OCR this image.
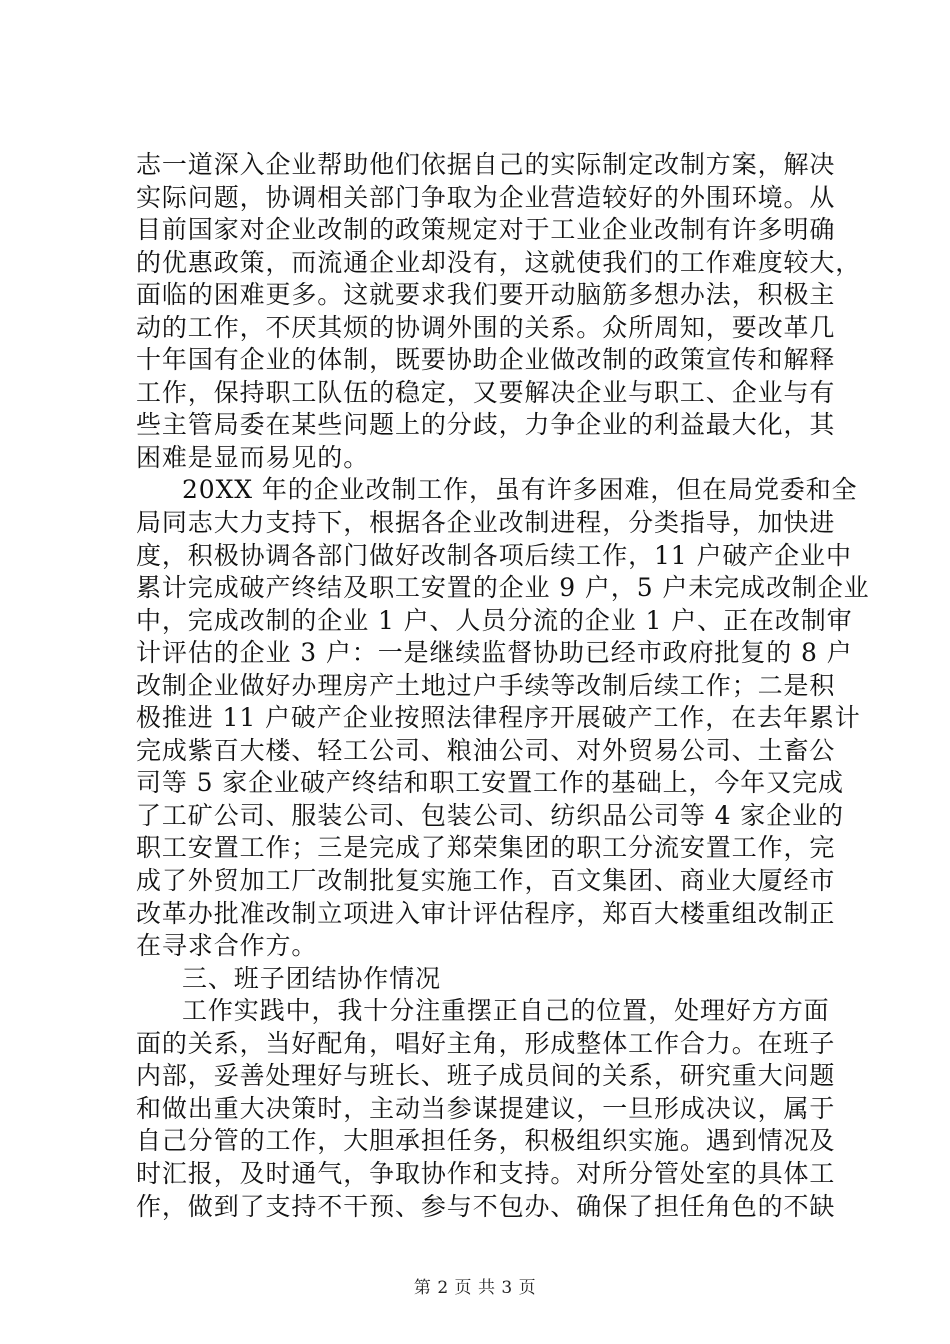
志一道深入企业帮助他们依据自己的实际制定改制方案，解决
实际问题，协调相关部门争取为企业营造较好的外围环境。从
目前国家对企业改制的政策规定对于工业企业改制有许多明确
的优惠政策，而流通企业却没有，这就使我们的工作难度较大，
面临的困难更多。这就要求我们要开动脑筋多想办法，积极主
动的工作，不厌其烦的协调外围的关系。众所周知，要改革几
十年国有企业的体制，既要协助企业做改制的政策宣传和解释
工作，保持职工队伍的稳定，又要解决企业与职工、企业与有
些主管局委在某些问题上的分歧，力争企业的利益最大化，其
困难是显而易见的。
20XX 年的企业改制工作，虽有许多困难，但在局党委和全
局同志大力支持下，根据各企业改制进程，分类指导，加快进
度，积极协调各部门做好改制各项后续工作，11 户破产企业中
累计完成破产终结及职工安置的企业 9 户，5 户未完成改制企业
中，完成改制的企业 1 户、人员分流的企业 1 户、正在改制审
计评估的企业 3 户：一是继续监督协助已经市政府批复的 8 户
改制企业做好办理房产土地过户手续等改制后续工作；二是积
极推进 11 户破产企业按照法律程序开展破产工作，在去年累计
完成紫百大楼、轻工公司、粮油公司、对外贸易公司、土畜公
司等 5 家企业破产终结和职工安置工作的基础上，今年又完成
了工矿公司、服装公司、包装公司、纺织品公司等 4 家企业的
职工安置工作；三是完成了郑荣集团的职工分流安置工作，完
成了外贸加工厂改制批复实施工作，百文集团、商业大厦经市
改革办批准改制立项进入审计评估程序，郑百大楼重组改制正
在寻求合作方。
三、班子团结协作情况
工作实践中，我十分注重摆正自己的位置，处理好方方面
面的关系，当好配角，唱好主角，形成整体工作合力。在班子
内部，妥善处理好与班长、班子成员间的关系，研究重大问题
和做出重大决策时，主动当参谋提建议，一旦形成决议，属于
自己分管的工作，大胆承担任务，积极组织实施。遇到情况及
时汇报，及时通气，争取协作和支持。对所分管处室的具体工
作，做到了支持不干预、参与不包办、确保了担任角色的不缺
第 2 页 共 3 页
